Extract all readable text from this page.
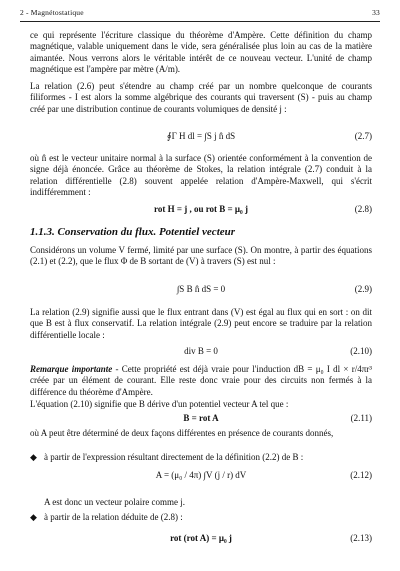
2 - Magnétostatique	33
ce qui représente l'écriture classique du théorème d'Ampère. Cette définition du champ magnétique, valable uniquement dans le vide, sera généralisée plus loin au cas de la matière aimantée. Nous verrons alors le véritable intérêt de ce nouveau vecteur. L'unité de champ magnétique est l'ampère par mètre (A/m).
La relation (2.6) peut s'étendre au champ créé par un nombre quelconque de courants filiformes - I est alors la somme algébrique des courants qui traversent (S) - puis au champ créé par une distribution continue de courants volumiques de densité j :
∮Γ H dl = ∫S j n̂ dS	(2.7)
où n̂ est le vecteur unitaire normal à la surface (S) orientée conformément à la convention de signe déjà énoncée. Grâce au théorème de Stokes, la relation intégrale (2.7) conduit à la relation différentielle (2.8) souvent appelée relation d'Ampère-Maxwell, qui s'écrit indifféremment :
rot H = j , ou rot B = μ₀ j	(2.8)
1.1.3. Conservation du flux. Potentiel vecteur
Considérons un volume V fermé, limité par une surface (S). On montre, à partir des équations (2.1) et (2.2), que le flux Φ de B sortant de (V) à travers (S) est nul :
∫S B n̂ dS = 0	(2.9)
La relation (2.9) signifie aussi que le flux entrant dans (V) est égal au flux qui en sort : on dit que B est à flux conservatif. La relation intégrale (2.9) peut encore se traduire par la relation différentielle locale :
div B = 0	(2.10)
Remarque importante - Cette propriété est déjà vraie pour l'induction dB = μ₀ I dl × r/4πr³ créée par un élément de courant. Elle reste donc vraie pour des circuits non fermés à la différence du théorème d'Ampère.
L'équation (2.10) signifie que B dérive d'un potentiel vecteur A tel que :
B = rot A	(2.11)
où A peut être déterminé de deux façons différentes en présence de courants donnés,
◆ à partir de l'expression résultant directement de la définition (2.2) de B :
A = (μ₀ / 4π) ∫V (j / r) dV	(2.12)
A est donc un vecteur polaire comme j.
◆ à partir de la relation déduite de (2.8) :
rot (rot A) = μ₀ j	(2.13)
